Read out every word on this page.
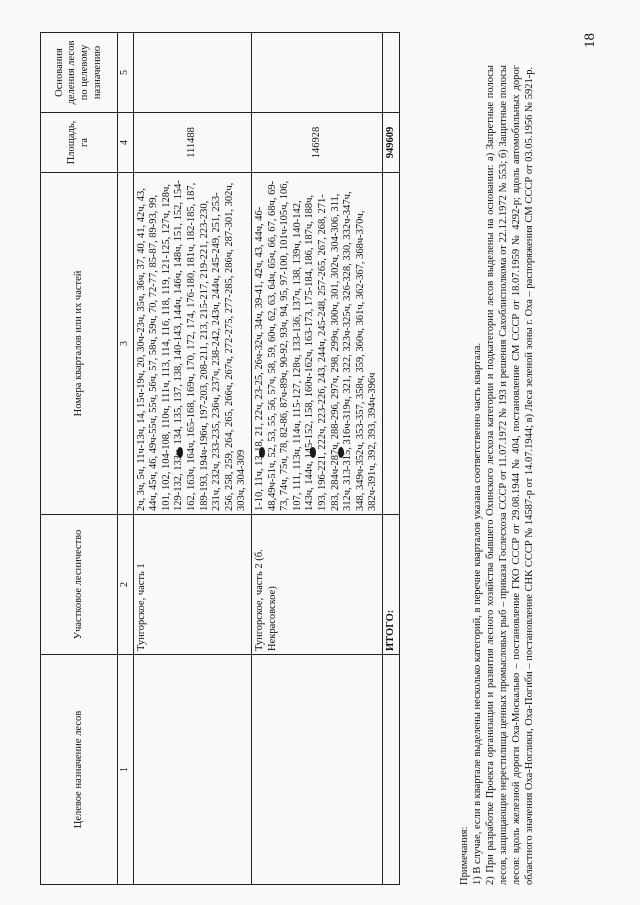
18
Целевое назначение лесов	Участковое лесничество	Номера кварталов или их частей	Площадь, га	Основания деления лесов по целевому назначению
1	2	3	4	5
	Тунгорское, часть 1	2ч, 3ч, 5ч, 11ч-13ч, 14, 15ч-19ч, 20, 30ч-23ч, 35ч, 36ч, 37, 40, 41, 42ч, 43, 44ч, 45ч, 46, 49ч-55ч, 55ч, 56ч, 57, 58ч, 59ч, 70, 72-77, 85-87, 89-93, 99, 101, 102, 104-108, 110ч, 111ч, 113, 114, 116, 118, 119, 121-125, 127ч, 128ч, 129-132, 133ч, 134, 135, 137, 138, 140-143, 144ч, 146ч, 148ч, 151, 152, 154-162, 163ч, 164ч, 165-168, 169ч, 170, 172, 174, 176-180, 181ч, 182-185, 187, 189-193, 194ч-196ч, 197-203, 208-211, 213, 215-217, 219-221, 223-230, 231ч, 232ч, 233-235, 236ч, 237ч, 238-242, 243ч, 244ч, 245-249, 251, 253-256, 258, 259, 264, 265, 266ч, 267ч, 272-275, 277-285, 286ч, 287-301, 302ч, 303ч, 304-309	111488	
	Тунгорское, часть 2 (б. Некрасовское)	1-10, 11ч, 13-18, 21, 22ч, 23-25, 26ч-32ч, 34ч, 39-41, 42ч, 43, 44ч, 46-48,49ч-51ч, 52, 53, 55, 56, 57ч, 58, 59, 60ч, 62, 63, 64ч, 65ч, 66, 67, 68ч, 69-73, 74ч, 75ч, 78, 82-86, 87ч-89ч, 90-92, 93ч, 94, 95, 97-100, 101ч-105ч, 106, 107, 111, 113ч, 114ч, 115-127, 128ч, 133-136, 137ч, 138, 139ч, 140-142, 143ч, 144ч, 145-152, 158, 160ч-162ч, 163-173, 175-184, 186, 187ч, 188ч, 193, 196-221, 222ч, 223-226, 243, 244ч, 245-248, 257-265, 267, 268, 271-283, 284ч-287ч, 288-296, 297ч, 298, 299ч, 300ч, 301, 302ч, 304-306, 311, 312ч, 313-315, 316ч-319ч, 321, 322, 323ч-325ч, 326-328, 330, 332ч-347ч, 348, 349ч-352ч, 353-357, 358ч, 359, 360ч, 361ч, 362-367, 368ч-370ч, 382ч-391ч, 392, 393, 394ч-396ч	146928	
	ИТОГО:		949609	

Примечания: 1) В случае, если в квартале выделены несколько категорий, в перечне кварталов указана соответственно часть квартала. 2) При разработке Проекта организации и развития лесного хозяйства бывшего Охинского лесхоза категории и подкатегории лесов выделены на основании: а) Запретные полосы лесов, защищающие нерестилища ценных промысловых рыб – приказа Гослесхоза СССР от 11.07.1972 № 193 и решения Сахоблисполкома от 22.12.1972 № 553; б) Защитные полосы лесов: вдоль железной дороги Оха-Москальво – постановление ГКО СССР от 29.08.1944 № 404, постановление СМ СССР от 18.07.1959 № 4292-р; вдоль автомобильных дорог областного значения Оха-Ноглики, Оха-Погиби – постановление СНК СССР № 14587-р от 14.07.1944; в) Леса зеленой зоны г. Оха – распоряжения СМ СССР от 03.05.1956 № 5921-р.
